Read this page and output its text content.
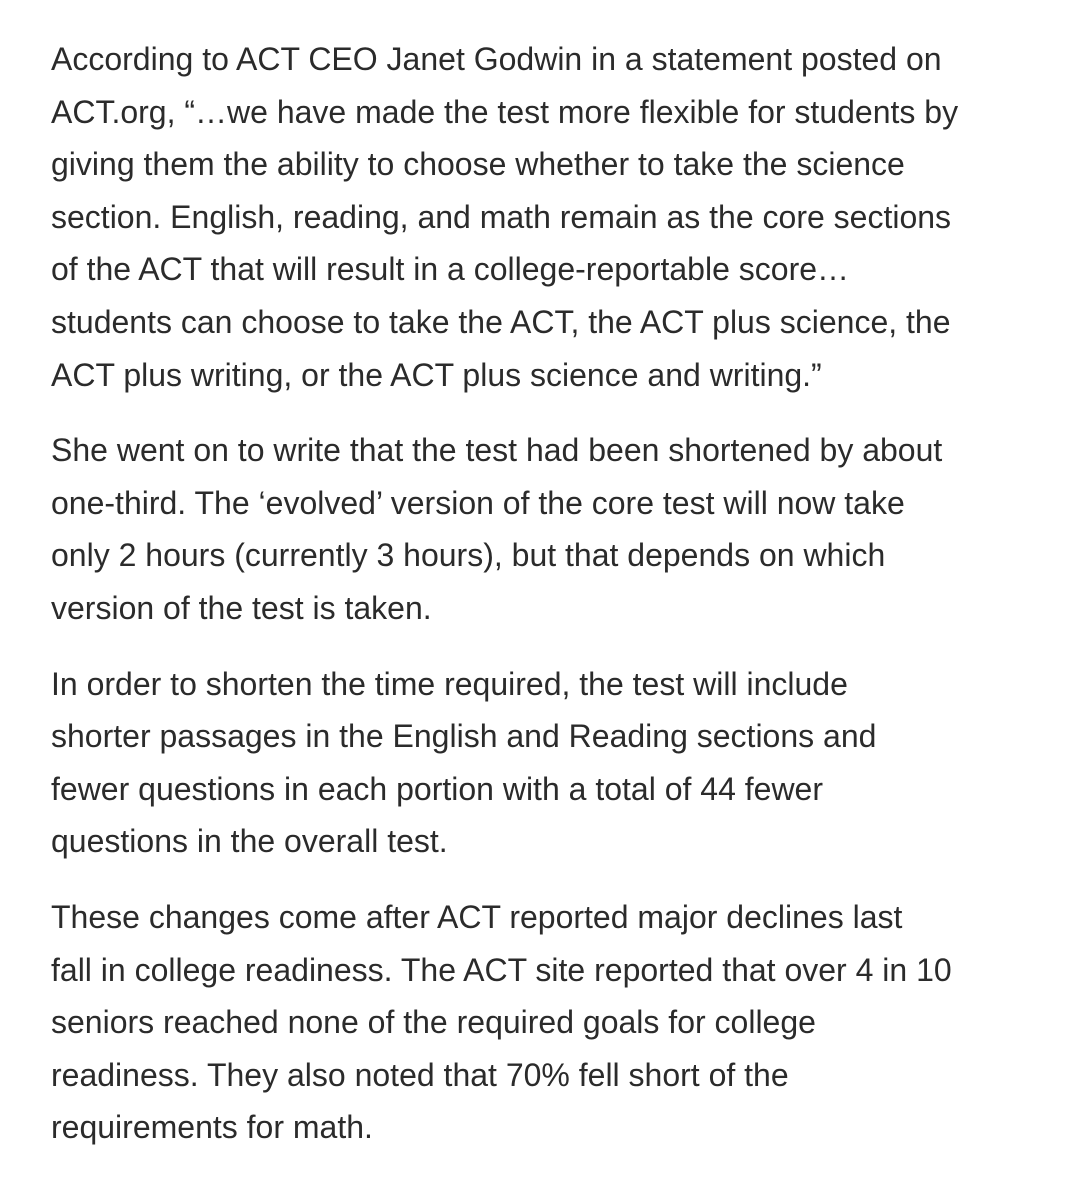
According to ACT CEO Janet Godwin in a statement posted on
ACT.org, “…we have made the test more flexible for students by
giving them the ability to choose whether to take the science
section. English, reading, and math remain as the core sections
of the ACT that will result in a college-reportable score…
students can choose to take the ACT, the ACT plus science, the
ACT plus writing, or the ACT plus science and writing.”

She went on to write that the test had been shortened by about
one-third. The ‘evolved’ version of the core test will now take
only 2 hours (currently 3 hours), but that depends on which
version of the test is taken.

In order to shorten the time required, the test will include
shorter passages in the English and Reading sections and
fewer questions in each portion with a total of 44 fewer
questions in the overall test.

These changes come after ACT reported major declines last
fall in college readiness. The ACT site reported that over 4 in 10
seniors reached none of the required goals for college
readiness. They also noted that 70% fell short of the
requirements for math.
